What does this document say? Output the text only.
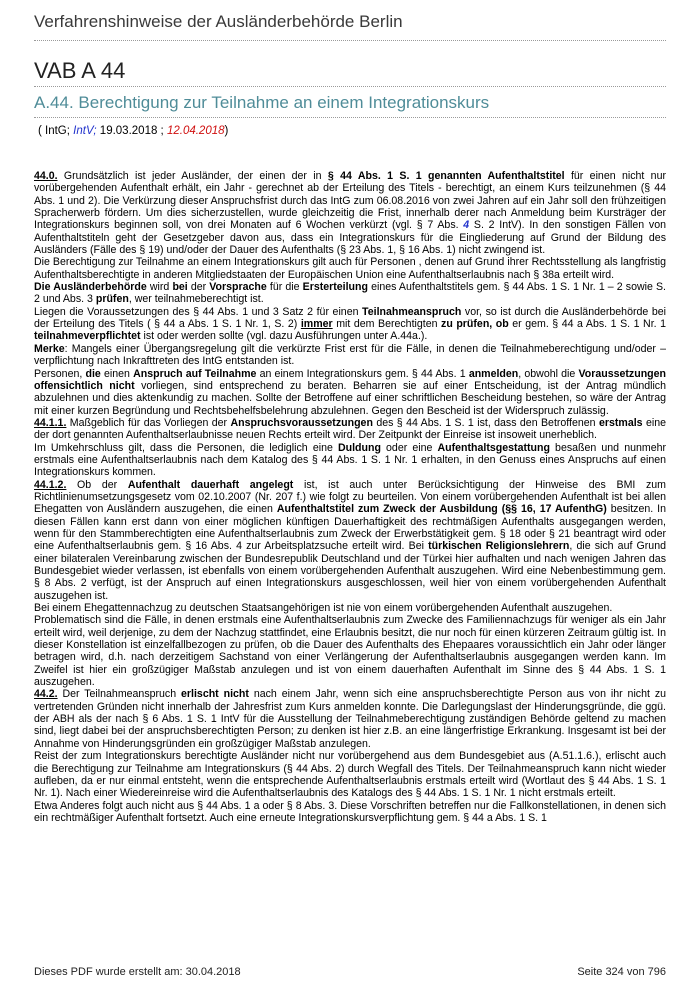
Verfahrenshinweise der Ausländerbehörde Berlin
VAB A 44
A.44. Berechtigung zur Teilnahme an einem Integrationskurs
( IntG; IntV; 19.03.2018 ; 12.04.2018)

44.0. Grundsätzlich ist jeder Ausländer, der einen der in § 44 Abs. 1 S. 1 genannten Aufenthaltstitel für einen nicht nur vorübergehenden Aufenthalt erhält, ein Jahr - gerechnet ab der Erteilung des Titels - berechtigt, an einem Kurs teilzunehmen (§ 44 Abs. 1 und 2). Die Verkürzung dieser Anspruchsfrist durch das IntG zum 06.08.2016 von zwei Jahren auf ein Jahr soll den frühzeitigen Spracherwerb fördern. Um dies sicherzustellen, wurde gleichzeitig die Frist, innerhalb derer nach Anmeldung beim Kursträger der Integrationskurs beginnen soll, von drei Monaten auf 6 Wochen verkürzt (vgl. § 7 Abs. 4 S. 2 IntV). In den sonstigen Fällen von Aufenthaltstiteln geht der Gesetzgeber davon aus, dass ein Integrationskurs für die Eingliederung auf Grund der Bildung des Ausländers (Fälle des § 19) und/oder der Dauer des Aufenthalts (§ 23 Abs. 1, § 16 Abs. 1) nicht zwingend ist.

Die Berechtigung zur Teilnahme an einem Integrationskurs gilt auch für Personen , denen auf Grund ihrer Rechtsstellung als langfristig Aufenthaltsberechtigte in anderen Mitgliedstaaten der Europäischen Union eine Aufenthaltserlaubnis nach § 38a erteilt wird.

Die Ausländerbehörde wird bei der Vorsprache für die Ersterteilung eines Aufenthaltstitels gem. § 44 Abs. 1 S. 1 Nr. 1 – 2 sowie S. 2 und Abs. 3 prüfen, wer teilnahmeberechtigt ist.

Liegen die Voraussetzungen des § 44 Abs. 1 und 3 Satz 2 für einen Teilnahmeanspruch vor, so ist durch die Ausländerbehörde bei der Erteilung des Titels ( § 44 a Abs. 1 S. 1 Nr. 1, S. 2) immer mit dem Berechtigten zu prüfen, ob er gem. § 44 a Abs. 1 S. 1 Nr. 1 teilnahmeverpflichtet ist oder werden sollte (vgl. dazu Ausführungen unter A.44a.).

Merke: Mangels einer Übergangsregelung gilt die verkürzte Frist erst für die Fälle, in denen die Teilnahmeberechtigung und/oder – verpflichtung nach Inkrafttreten des IntG entstanden ist.

Personen, die einen Anspruch auf Teilnahme an einem Integrationskurs gem. § 44 Abs. 1 anmelden, obwohl die Voraussetzungen offensichtlich nicht vorliegen, sind entsprechend zu beraten. Beharren sie auf einer Entscheidung, ist der Antrag mündlich abzulehnen und dies aktenkundig zu machen. Sollte der Betroffene auf einer schriftlichen Bescheidung bestehen, so wäre der Antrag mit einer kurzen Begründung und Rechtsbehelfsbelehrung abzulehnen. Gegen den Bescheid ist der Widerspruch zulässig.

44.1.1. Maßgeblich für das Vorliegen der Anspruchsvoraussetzungen des § 44 Abs. 1 S. 1 ist, dass den Betroffenen erstmals eine der dort genannten Aufenthaltserlaubnisse neuen Rechts erteilt wird. Der Zeitpunkt der Einreise ist insoweit unerheblich.

Im Umkehrschluss gilt, dass die Personen, die lediglich eine Duldung oder eine Aufenthaltsgestattung besaßen und nunmehr erstmals eine Aufenthaltserlaubnis nach dem Katalog des § 44 Abs. 1 S. 1 Nr. 1 erhalten, in den Genuss eines Anspruchs auf einen Integrationskurs kommen.

44.1.2. Ob der Aufenthalt dauerhaft angelegt ist, ist auch unter Berücksichtigung der Hinweise des BMI zum Richtlinienumsetzungsgesetz vom 02.10.2007 (Nr. 207 f.) wie folgt zu beurteilen. Von einem vorübergehenden Aufenthalt ist bei allen Ehegatten von Ausländern auszugehen, die einen Aufenthaltstitel zum Zweck der Ausbildung (§§ 16, 17 AufenthG) besitzen. In diesen Fällen kann erst dann von einer möglichen künftigen Dauerhaftigkeit des rechtmäßigen Aufenthalts ausgegangen werden, wenn für den Stammberechtigten eine Aufenthaltserlaubnis zum Zweck der Erwerbstätigkeit gem. § 18 oder § 21 beantragt wird oder eine Aufenthaltserlaubnis gem. § 16 Abs. 4 zur Arbeitsplatzsuche erteilt wird. Bei türkischen Religionslehrern, die sich auf Grund einer bilateralen Vereinbarung zwischen der Bundesrepublik Deutschland und der Türkei hier aufhalten und nach wenigen Jahren das Bundesgebiet wieder verlassen, ist ebenfalls von einem vorübergehenden Aufenthalt auszugehen. Wird eine Nebenbestimmung gem. § 8 Abs. 2 verfügt, ist der Anspruch auf einen Integrationskurs ausgeschlossen, weil hier von einem vorübergehenden Aufenthalt auszugehen ist.

Bei einem Ehegattennachzug zu deutschen Staatsangehörigen ist nie von einem vorübergehenden Aufenthalt auszugehen.

Problematisch sind die Fälle, in denen erstmals eine Aufenthaltserlaubnis zum Zwecke des Familiennachzugs für weniger als ein Jahr erteilt wird, weil derjenige, zu dem der Nachzug stattfindet, eine Erlaubnis besitzt, die nur noch für einen kürzeren Zeitraum gültig ist. In dieser Konstellation ist einzelfallbezogen zu prüfen, ob die Dauer des Aufenthalts des Ehepaares voraussichtlich ein Jahr oder länger betragen wird, d.h. nach derzeitigem Sachstand von einer Verlängerung der Aufenthaltserlaubnis ausgegangen werden kann. Im Zweifel ist hier ein großzügiger Maßstab anzulegen und ist von einem dauerhaften Aufenthalt im Sinne des § 44 Abs. 1 S. 1 auszugehen.

44.2. Der Teilnahmeanspruch erlischt nicht nach einem Jahr, wenn sich eine anspruchsberechtigte Person aus von ihr nicht zu vertretenden Gründen nicht innerhalb der Jahresfrist zum Kurs anmelden konnte. Die Darlegungslast der Hinderungsgründe, die ggü. der ABH als der nach § 6 Abs. 1 S. 1 IntV für die Ausstellung der Teilnahmeberechtigung zuständigen Behörde geltend zu machen sind, liegt dabei bei der anspruchsberechtigten Person; zu denken ist hier z.B. an eine längerfristige Erkrankung. Insgesamt ist bei der Annahme von Hinderungsgründen ein großzügiger Maßstab anzulegen.

Reist der zum Integrationskurs berechtigte Ausländer nicht nur vorübergehend aus dem Bundesgebiet aus (A.51.1.6.), erlischt auch die Berechtigung zur Teilnahme am Integrationskurs (§ 44 Abs. 2) durch Wegfall des Titels. Der Teilnahmeanspruch kann nicht wieder aufleben, da er nur einmal entsteht, wenn die entsprechende Aufenthaltserlaubnis erstmals erteilt wird (Wortlaut des § 44 Abs. 1 S. 1 Nr. 1). Nach einer Wiedereinreise wird die Aufenthaltserlaubnis des Katalogs des § 44 Abs. 1 S. 1 Nr. 1 nicht erstmals erteilt.

Etwa Anderes folgt auch nicht aus § 44 Abs. 1 a oder § 8 Abs. 3. Diese Vorschriften betreffen nur die Fallkonstellationen, in denen sich ein rechtmäßiger Aufenthalt fortsetzt. Auch eine erneute Integrationskursverpflichtung gem. § 44 a Abs. 1 S. 1

Dieses PDF wurde erstellt am: 30.04.2018	Seite 324 von 796
